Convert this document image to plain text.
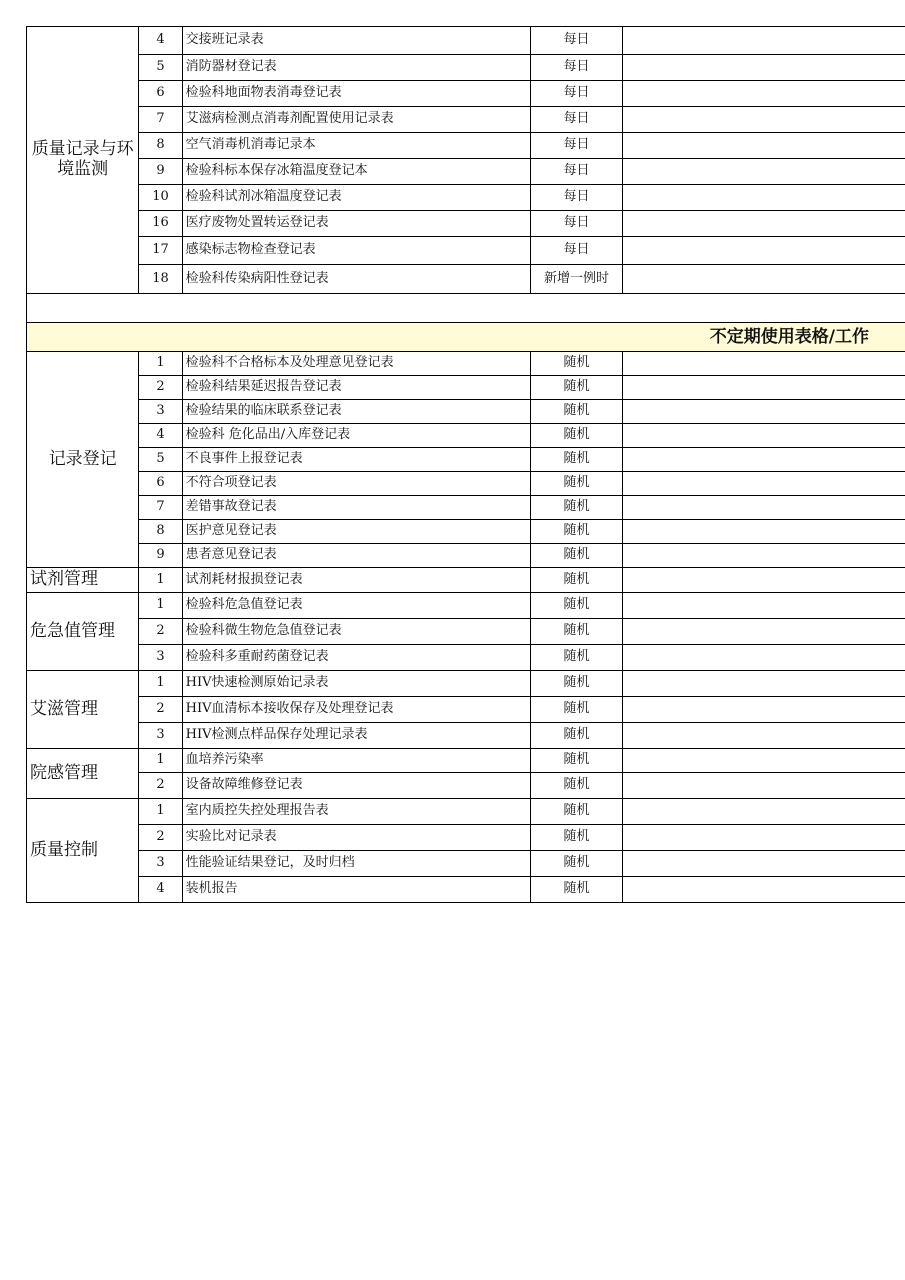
质量记录与环境监测	4	交接班记录表	每日	
	5	消防器材登记表	每日	
	6	检验科地面物表消毒登记表	每日	
	7	艾滋病检测点消毒剂配置使用记录表	每日	
	8	空气消毒机消毒记录本	每日	
	9	检验科标本保存冰箱温度登记本	每日	
	10	检验科试剂冰箱温度登记表	每日	
	16	医疗废物处置转运登记表	每日	
	17	感染标志物检查登记表	每日	
	18	检验科传染病阳性登记表	新增一例时	

不定期使用表格/工作				
记录登记	1	检验科不合格标本及处理意见登记表	随机	
	2	检验科结果延迟报告登记表	随机	
	3	检验结果的临床联系登记表	随机	
	4	检验科 危化品出/入库登记表	随机	
	5	不良事件上报登记表	随机	
	6	不符合项登记表	随机	
	7	差错事故登记表	随机	
	8	医护意见登记表	随机	
	9	患者意见登记表	随机	
试剂管理	1	试剂耗材报损登记表	随机	
危急值管理	1	检验科危急值登记表	随机	
	2	检验科微生物危急值登记表	随机	
	3	检验科多重耐药菌登记表	随机	
艾滋管理	1	HIV快速检测原始记录表	随机	
	2	HIV血清标本接收保存及处理登记表	随机	
	3	HIV检测点样品保存处理记录表	随机	
院感管理	1	血培养污染率	随机	
	2	设备故障维修登记表	随机	
质量控制	1	室内质控失控处理报告表	随机	
	2	实验比对记录表	随机	
	3	性能验证结果登记，及时归档	随机	
	4	装机报告	随机	
